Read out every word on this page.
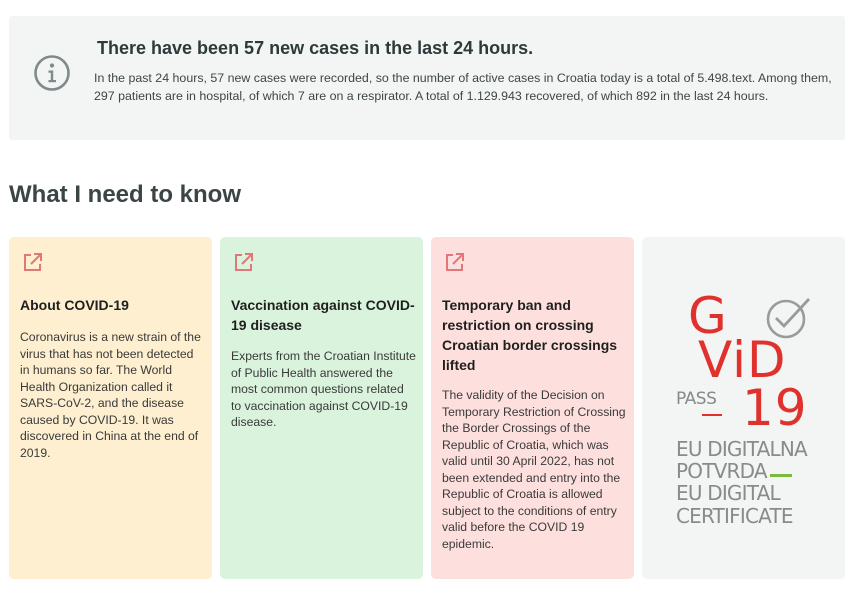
There have been 57 new cases in the last 24 hours.
In the past 24 hours, 57 new cases were recorded, so the number of active cases in Croatia today is a total of 5.498.text. Among them, 297 patients are in hospital, of which 7 are on a respirator. A total of 1.129.943 recovered, of which 892 in the last 24 hours.
What I need to know
About COVID-19
Coronavirus is a new strain of the virus that has not been detected in humans so far. The World Health Organization called it SARS-CoV-2, and the disease caused by COVID-19. It was discovered in China at the end of 2019.
Vaccination against COVID-19 disease
Experts from the Croatian Institute of Public Health answered the most common questions related to vaccination against COVID-19 disease.
Temporary ban and restriction on crossing Croatian border crossings lifted
The validity of the Decision on Temporary Restriction of Crossing the Border Crossings of the Republic of Croatia, which was valid until 30 April 2022, has not been extended and entry into the Republic of Croatia is allowed subject to the conditions of entry valid before the COVID 19 epidemic.
G
ViD
PASS 19
EU DIGITALNA
POTVRDA
EU DIGITAL
CERTIFICATE
